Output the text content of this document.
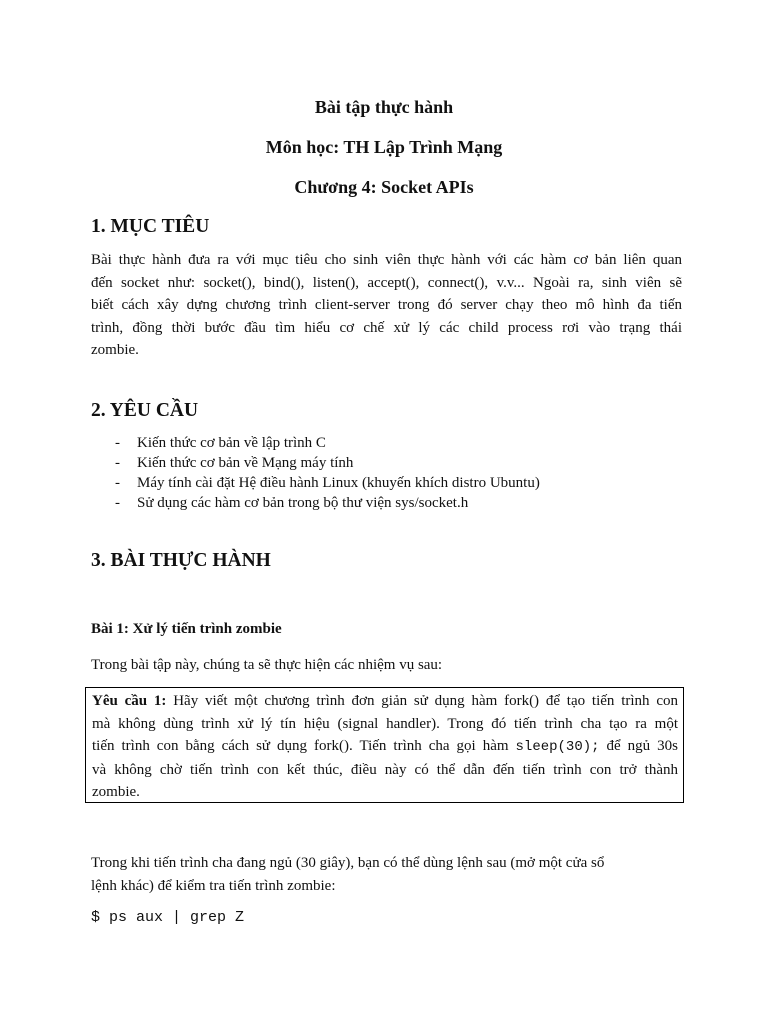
Bài tập thực hành
Môn học: TH Lập Trình Mạng
Chương 4: Socket APIs
1. MỤC TIÊU
Bài thực hành đưa ra với mục tiêu cho sinh viên thực hành với các hàm cơ bản liên quan
đến socket như: socket(), bind(), listen(), accept(), connect(), v.v... Ngoài ra, sinh viên sẽ
biết cách xây dựng chương trình client-server trong đó server chạy theo mô hình đa tiến
trình, đồng thời bước đầu tìm hiểu cơ chế xử lý các child process rơi vào trạng thái
zombie.
2. YÊU CẦU
- Kiến thức cơ bản về lập trình C
- Kiến thức cơ bản về Mạng máy tính
- Máy tính cài đặt Hệ điều hành Linux (khuyến khích distro Ubuntu)
- Sử dụng các hàm cơ bản trong bộ thư viện sys/socket.h
3. BÀI THỰC HÀNH
Bài 1: Xử lý tiến trình zombie
Trong bài tập này, chúng ta sẽ thực hiện các nhiệm vụ sau:
Yêu cầu 1: Hãy viết một chương trình đơn giản sử dụng hàm fork() để tạo tiến trình con
mà không dùng trình xử lý tín hiệu (signal handler). Trong đó tiến trình cha tạo ra một
tiến trình con bằng cách sử dụng fork(). Tiến trình cha gọi hàm sleep(30); để ngủ 30s
và không chờ tiến trình con kết thúc, điều này có thể dẫn đến tiến trình con trở thành
zombie.
Trong khi tiến trình cha đang ngủ (30 giây), bạn có thể dùng lệnh sau (mở một cửa sổ
lệnh khác) để kiểm tra tiến trình zombie:
$ ps aux | grep Z
